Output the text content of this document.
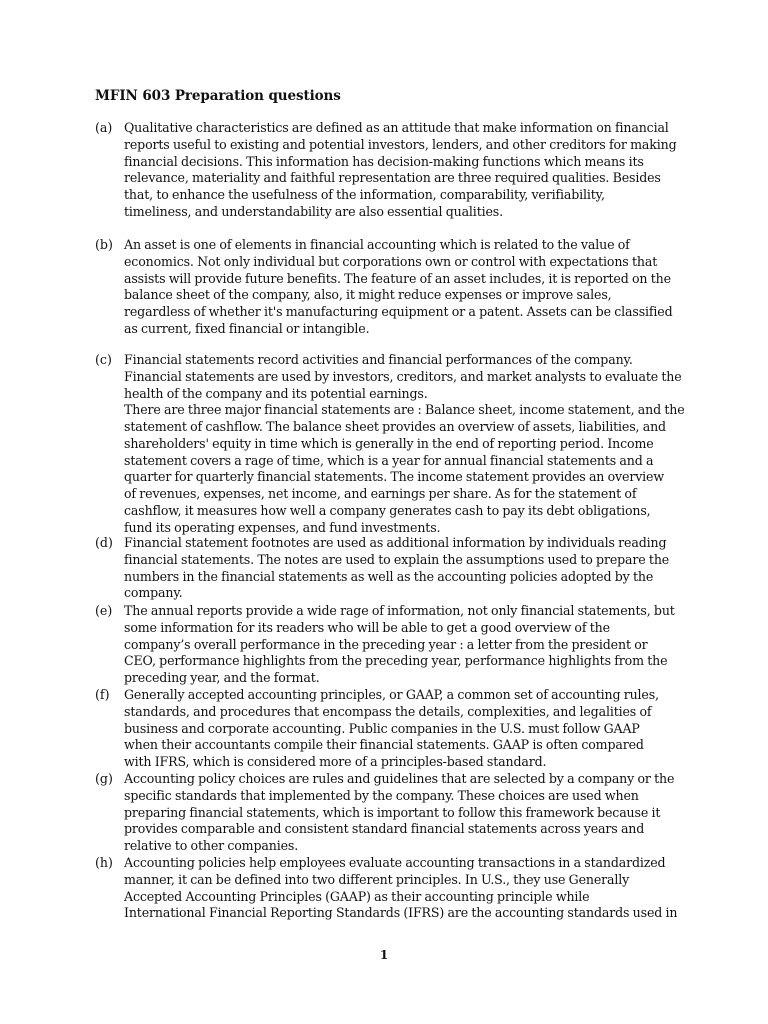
MFIN 603 Preparation questions
(a) Qualitative characteristics are defined as an attitude that make information on financial
reports useful to existing and potential investors, lenders, and other creditors for making
financial decisions. This information has decision-making functions which means its
relevance, materiality and faithful representation are three required qualities. Besides
that, to enhance the usefulness of the information, comparability, verifiability,
timeliness, and understandability are also essential qualities.
(b) An asset is one of elements in financial accounting which is related to the value of
economics. Not only individual but corporations own or control with expectations that
assists will provide future benefits. The feature of an asset includes, it is reported on the
balance sheet of the company, also, it might reduce expenses or improve sales,
regardless of whether it's manufacturing equipment or a patent. Assets can be classified
as current, fixed financial or intangible.
(c) Financial statements record activities and financial performances of the company.
Financial statements are used by investors, creditors, and market analysts to evaluate the
health of the company and its potential earnings.
There are three major financial statements are : Balance sheet, income statement, and the
statement of cashflow. The balance sheet provides an overview of assets, liabilities, and
shareholders' equity in time which is generally in the end of reporting period. Income
statement covers a rage of time, which is a year for annual financial statements and a
quarter for quarterly financial statements. The income statement provides an overview
of revenues, expenses, net income, and earnings per share. As for the statement of
cashflow, it measures how well a company generates cash to pay its debt obligations,
fund its operating expenses, and fund investments.
(d) Financial statement footnotes are used as additional information by individuals reading
financial statements. The notes are used to explain the assumptions used to prepare the
numbers in the financial statements as well as the accounting policies adopted by the
company.
(e) The annual reports provide a wide rage of information, not only financial statements, but
some information for its readers who will be able to get a good overview of the
company’s overall performance in the preceding year : a letter from the president or
CEO, performance highlights from the preceding year, performance highlights from the
preceding year, and the format.
(f) Generally accepted accounting principles, or GAAP, a common set of accounting rules,
standards, and procedures that encompass the details, complexities, and legalities of
business and corporate accounting. Public companies in the U.S. must follow GAAP
when their accountants compile their financial statements. GAAP is often compared
with IFRS, which is considered more of a principles-based standard.
(g) Accounting policy choices are rules and guidelines that are selected by a company or the
specific standards that implemented by the company. These choices are used when
preparing financial statements, which is important to follow this framework because it
provides comparable and consistent standard financial statements across years and
relative to other companies.
(h) Accounting policies help employees evaluate accounting transactions in a standardized
manner, it can be defined into two different principles. In U.S., they use Generally
Accepted Accounting Principles (GAAP) as their accounting principle while
International Financial Reporting Standards (IFRS) are the accounting standards used in
1
